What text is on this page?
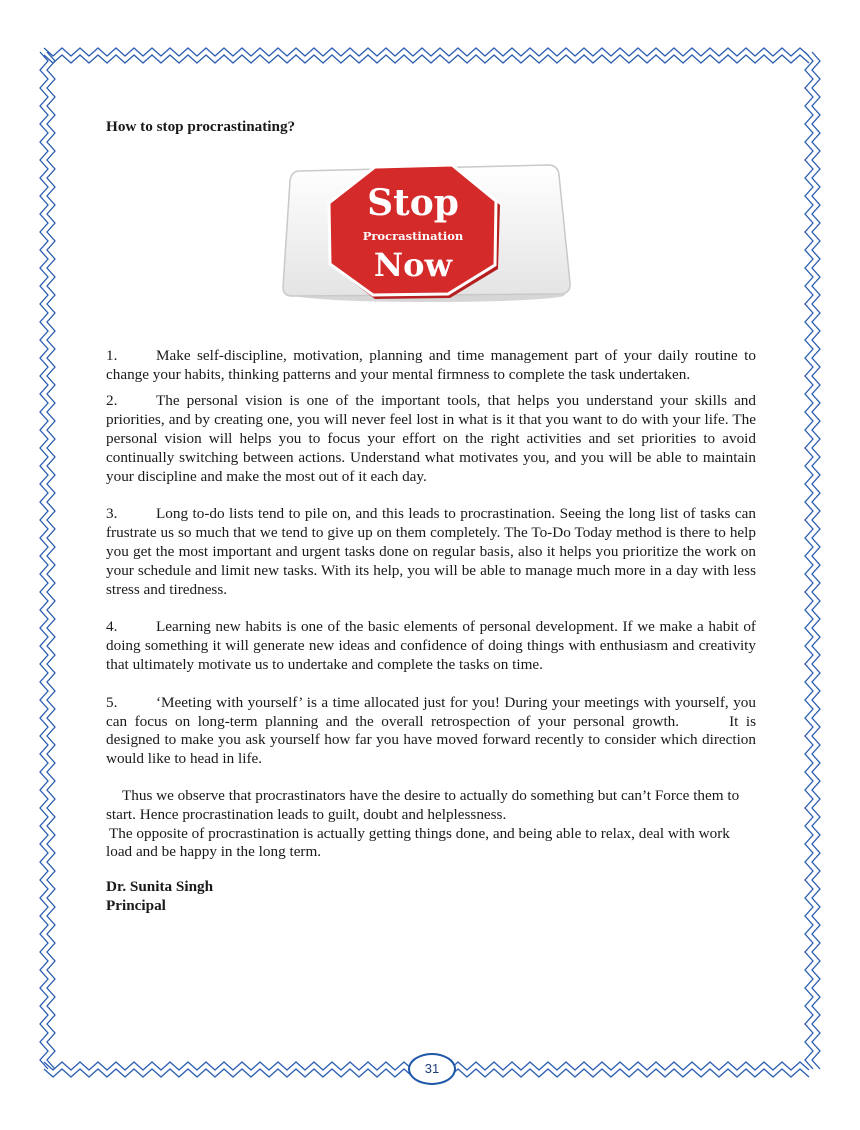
How to stop procrastinating?

Stop
Procrastination
Now

1.	Make self-discipline, motivation, planning and time management part of your daily routine to change your habits, thinking patterns and your mental firmness to complete the task undertaken.

2.	The personal vision is one of the important tools, that helps you understand your skills and priorities, and by creating one, you will never feel lost in what is it that you want to do with your life. The personal vision will helps you to focus your effort on the right activities and set priorities to avoid continually switching between actions. Understand what motivates you, and you will be able to maintain your discipline and make the most out of it each day.

3.	Long to-do lists tend to pile on, and this leads to procrastination. Seeing the long list of tasks can frustrate us so much that we tend to give up on them completely. The To-Do Today method is there to help you get the most important and urgent tasks done on regular basis, also it helps you prioritize the work on your schedule and limit new tasks. With its help, you will be able to manage much more in a day with less stress and tiredness.

4.	Learning new habits is one of the basic elements of personal development. If we make a habit of doing something it will generate new ideas and confidence of doing things with enthusiasm and creativity that ultimately motivate us to undertake and complete the tasks on time.

5.	‘Meeting with yourself’ is a time allocated just for you! During your meetings with yourself, you can focus on long-term planning and the overall retrospection of your personal growth.	It is designed to make you ask yourself how far you have moved forward recently to consider which direction would like to head in life.

Thus we observe that procrastinators have the desire to actually do something but can’t Force them to start. Hence procrastination leads to guilt, doubt and helplessness.

The opposite of procrastination is actually getting things done, and being able to relax, deal with work load and be happy in the long term.

Dr. Sunita Singh
Principal
31
